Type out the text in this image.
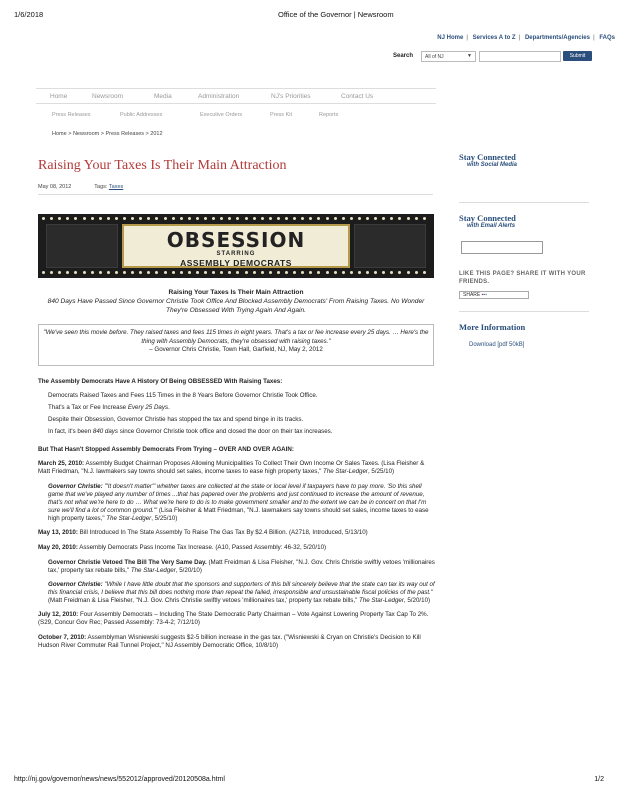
1/6/2018	Office of the Governor | Newsroom
NJ Home | Services A to Z | Departments/Agencies | FAQs
Search	All of NJ	▼	Submit
Home	Newsroom	Media	Administration	NJ's Priorities	Contact Us
Press Releases	Public Addresses	Executive Orders	Press Kit	Reports
Home > Newsroom > Press Releases > 2012
Raising Your Taxes Is Their Main Attraction
May 08, 2012	Tags: Taxes
OBSESSION
STARRING
ASSEMBLY DEMOCRATS
Raising Your Taxes Is Their Main Attraction
840 Days Have Passed Since Governor Christie Took Office And Blocked Assembly Democrats' From Raising Taxes. No Wonder They're Obsessed With Trying Again And Again.
"We've seen this movie before. They raised taxes and fees 115 times in eight years. That's a tax or fee increase every 25 days. … Here's the thing with Assembly Democrats, they're obsessed with raising taxes."
– Governor Chris Christie, Town Hall, Garfield, NJ, May 2, 2012
The Assembly Democrats Have A History Of Being OBSESSED With Raising Taxes:
Democrats Raised Taxes and Fees 115 Times in the 8 Years Before Governor Christie Took Office.
That's a Tax or Fee Increase Every 25 Days.
Despite their Obsession, Governor Christie has stopped the tax and spend binge in its tracks.
In fact, it's been 840 days since Governor Christie took office and closed the door on their tax increases.
But That Hasn't Stopped Assembly Democrats From Trying – OVER AND OVER AGAIN:
March 25, 2010: Assembly Budget Chairman Proposes Allowing Municipalities To Collect Their Own Income Or Sales Taxes. (Lisa Fleisher & Matt Friedman, "N.J. lawmakers say towns should set sales, income taxes to ease high property taxes," The Star-Ledger, 5/25/10)
Governor Christie: "'It doesn't matter'" whether taxes are collected at the state or local level if taxpayers have to pay more. 'So this shell game that we've played any number of times ...that has papered over the problems and just continued to increase the amount of revenue, that's not what we're here to do … What we're here to do is to make government smaller and to the extent we can be in concert on that I'm sure we'll find a lot of common ground.'" (Lisa Fleisher & Matt Friedman, "N.J. lawmakers say towns should set sales, income taxes to ease high property taxes," The Star-Ledger, 5/25/10)
May 13, 2010: Bill Introduced In The State Assembly To Raise The Gas Tax By $2.4 Billion. (A2718, Introduced, 5/13/10)
May 20, 2010: Assembly Democrats Pass Income Tax Increase. (A10, Passed Assembly: 46-32, 5/20/10)
Governor Christie Vetoed The Bill The Very Same Day. (Matt Freidman & Lisa Fleisher, "N.J. Gov. Chris Christie swiftly vetoes 'millionaires tax,' property tax rebate bills," The Star-Ledger, 5/20/10)
Governor Christie: "While I have little doubt that the sponsors and supporters of this bill sincerely believe that the state can tax its way out of this financial crisis, I believe that this bill does nothing more than repeat the failed, irresponsible and unsustainable fiscal policies of the past." (Matt Freidman & Lisa Fleisher, "N.J. Gov. Chris Christie swiftly vetoes 'millionaires tax,' property tax rebate bills," The Star-Ledger, 5/20/10)
July 12, 2010: Four Assembly Democrats – Including The State Democratic Party Chairman – Vote Against Lowering Property Tax Cap To 2%. (S29, Concur Gov Rec; Passed Assembly: 73-4-2; 7/12/10)
October 7, 2010: Assemblyman Wisniewski suggests $2-5 billion increase in the gas tax. ("Wisniewski & Cryan on Christie's Decision to Kill Hudson River Commuter Rail Tunnel Project," NJ Assembly Democratic Office, 10/8/10)
Stay Connected
with Social Media
Stay Connected
with Email Alerts
LIKE THIS PAGE? SHARE IT WITH YOUR FRIENDS.
SHARE ▪▪▪
More Information
Download [pdf 50kB]
http://nj.gov/governor/news/news/552012/approved/20120508a.html	1/2
